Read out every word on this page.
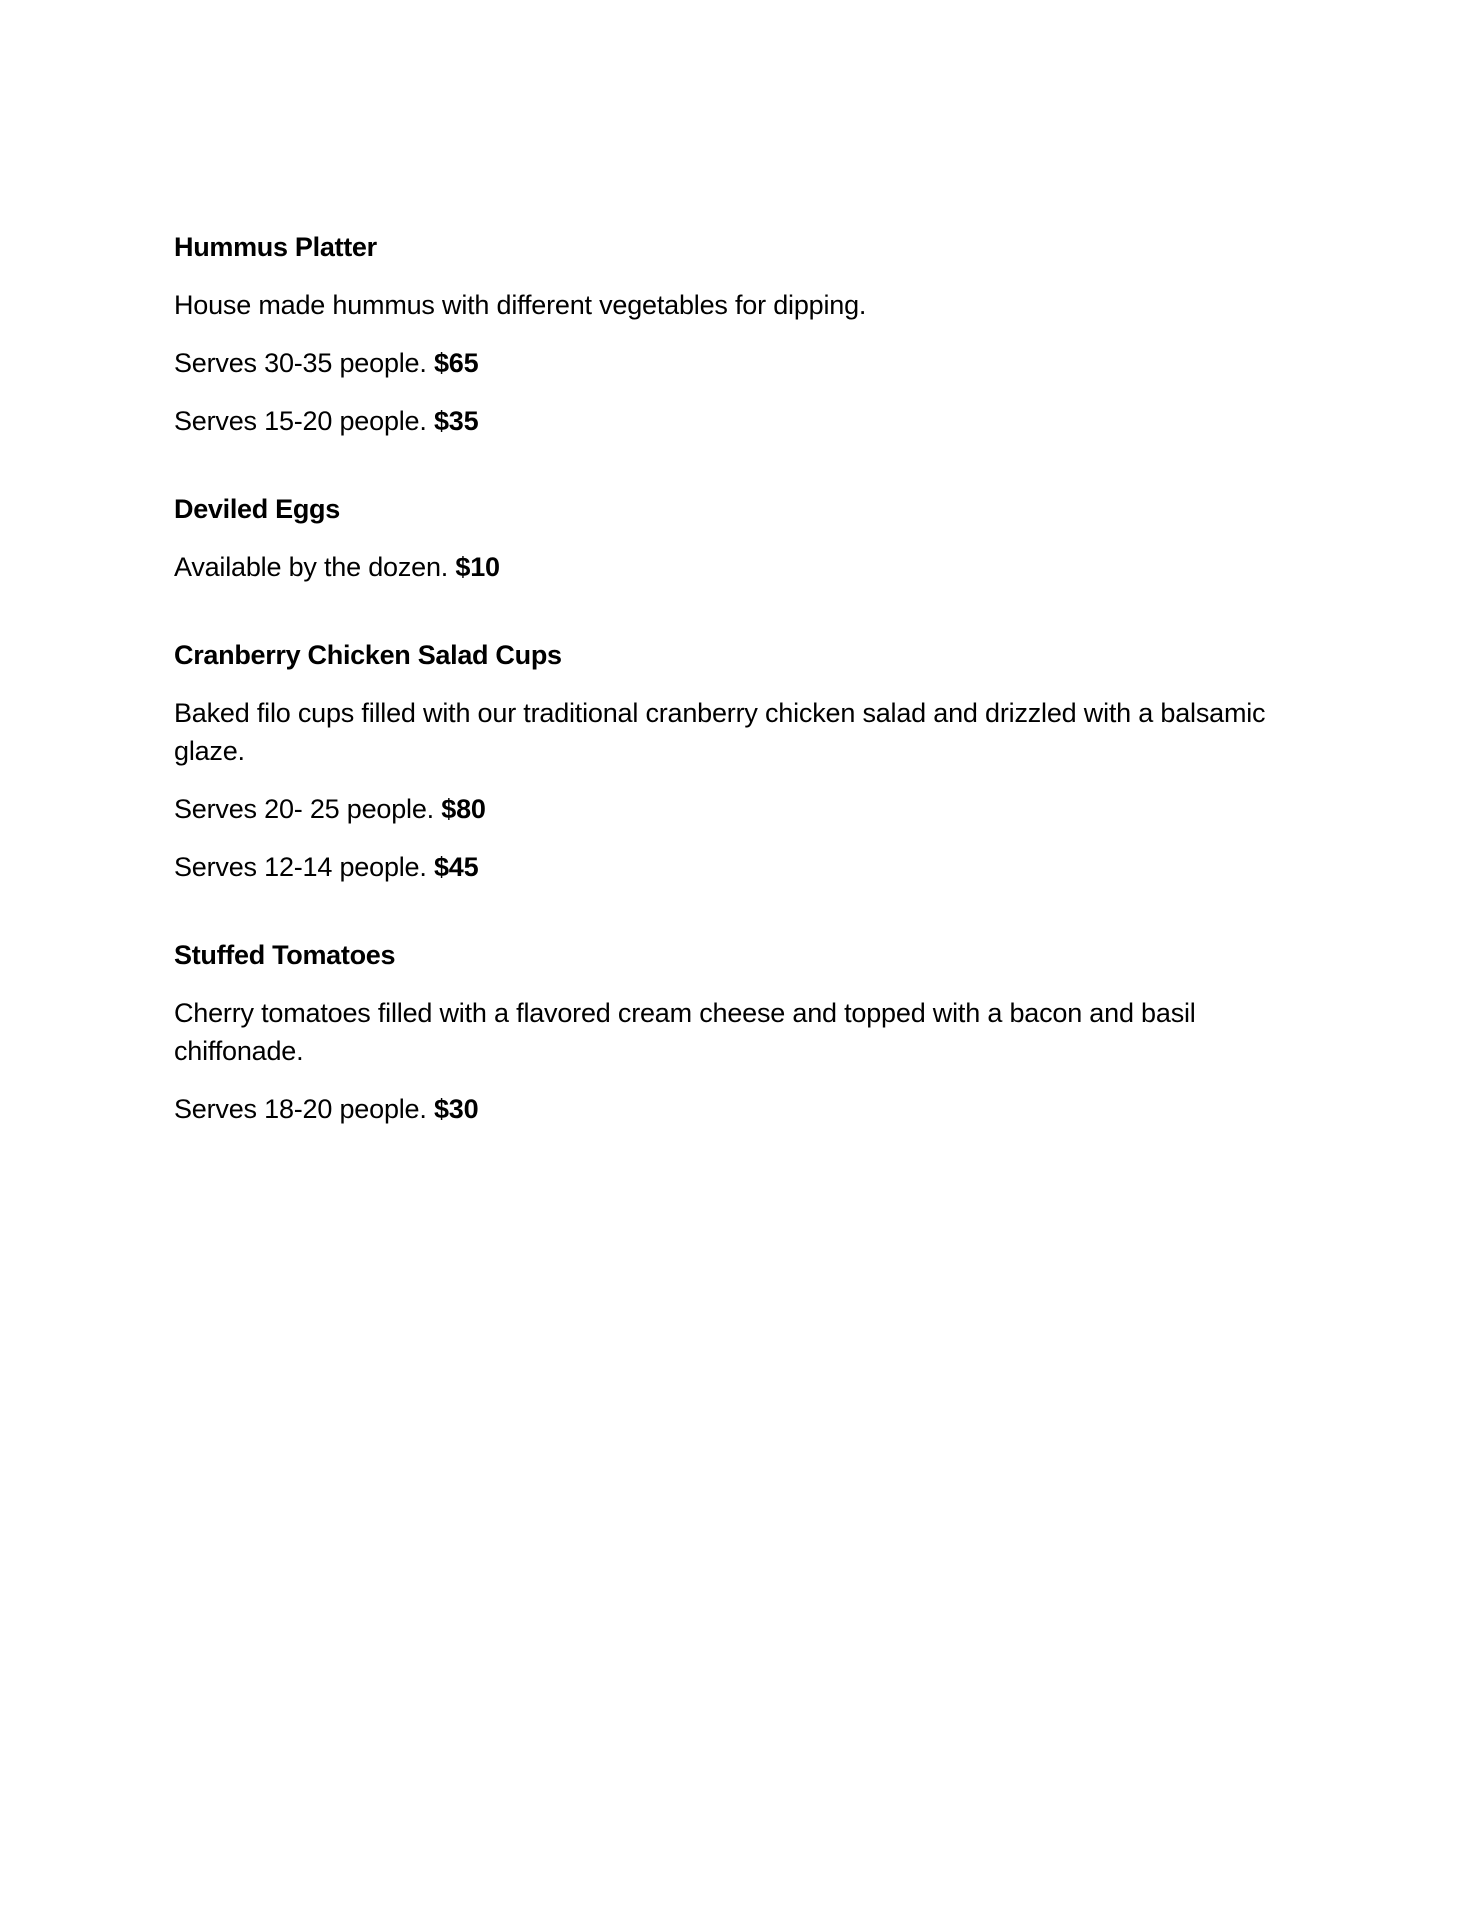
Hummus Platter
House made hummus with different vegetables for dipping.
Serves 30-35 people. $65
Serves 15-20 people. $35
Deviled Eggs
Available by the dozen. $10
Cranberry Chicken Salad Cups
Baked filo cups filled with our traditional cranberry chicken salad and drizzled with a balsamic glaze.
Serves 20- 25 people. $80
Serves 12-14 people. $45
Stuffed Tomatoes
Cherry tomatoes filled with a flavored cream cheese and topped with a bacon and basil chiffonade.
Serves 18-20 people. $30
